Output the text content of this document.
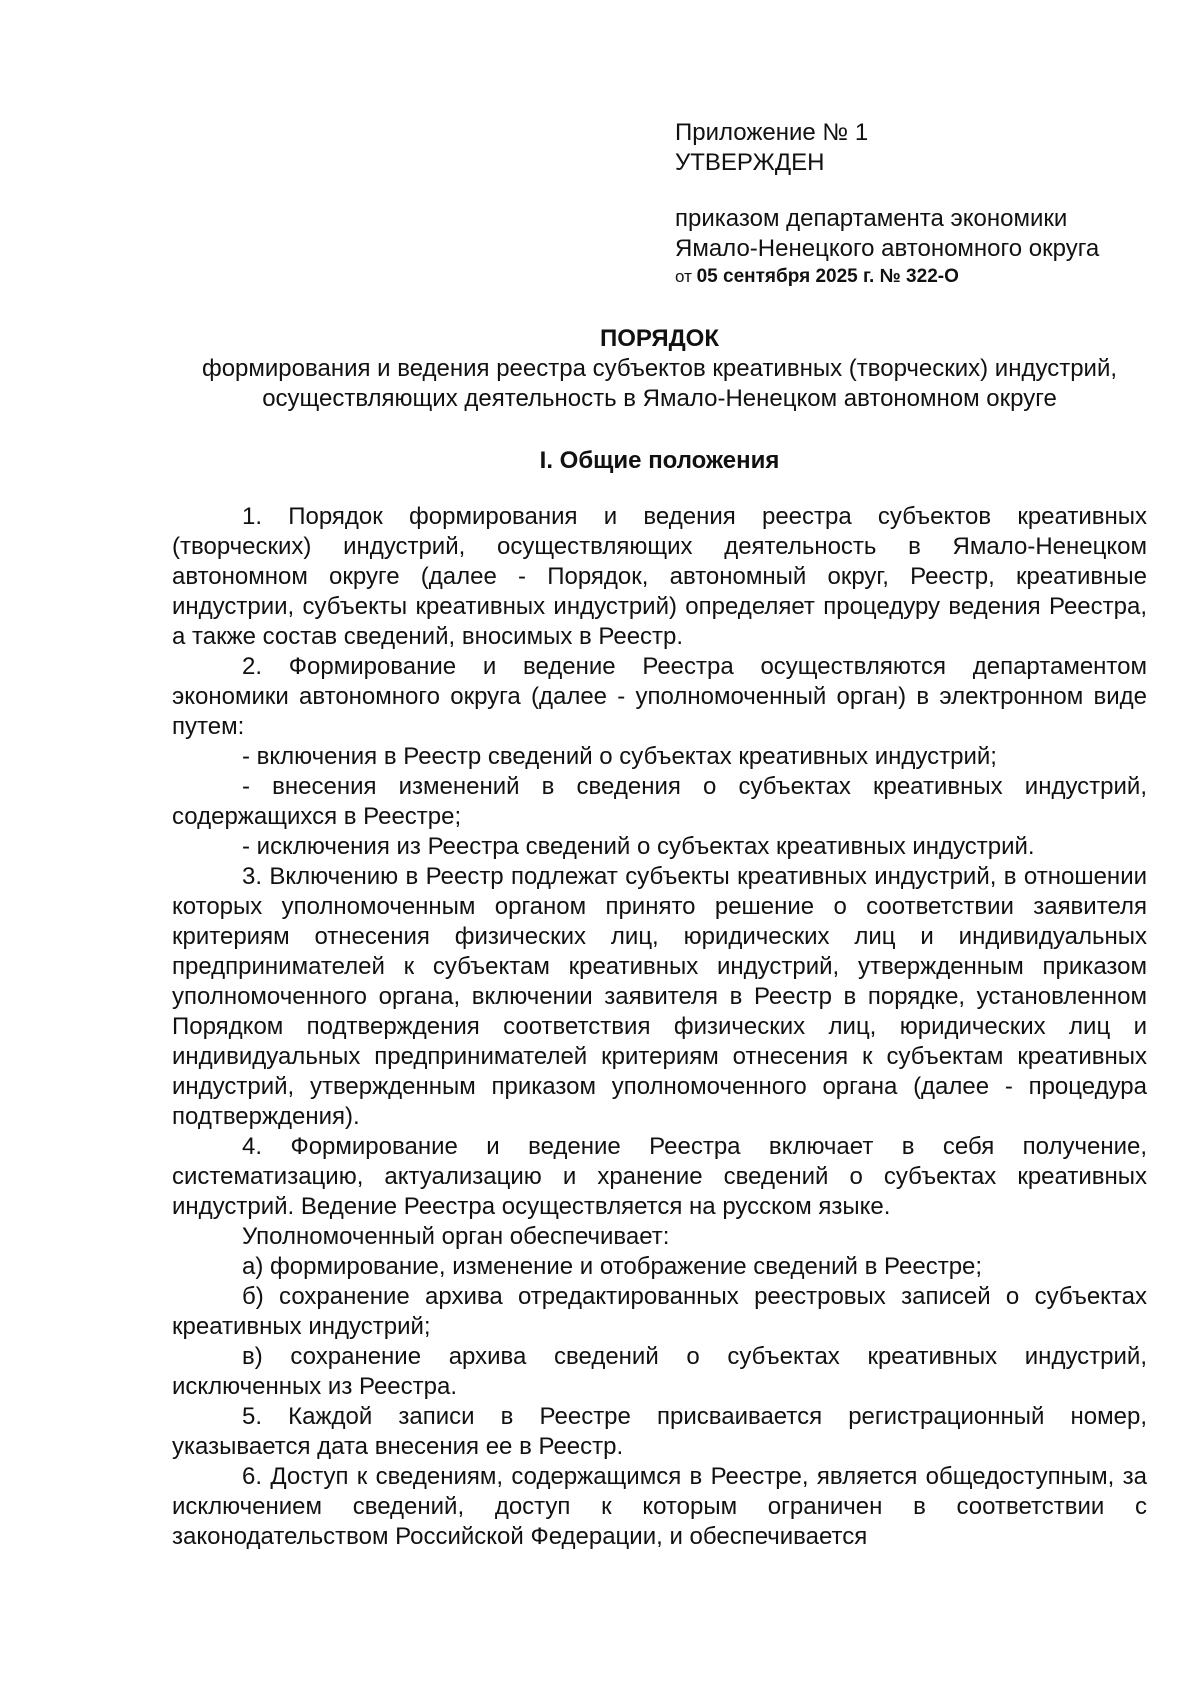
Приложение № 1
УТВЕРЖДЕН
приказом департамента экономики
Ямало-Ненецкого автономного округа
от 05 сентября 2025 г. № 322-О

ПОРЯДОК

формирования и ведения реестра субъектов креативных (творческих) индустрий, осуществляющих деятельность в Ямало-Ненецком автономном округе

I. Общие положения

1. Порядок формирования и ведения реестра субъектов креативных (творческих) индустрий, осуществляющих деятельность в Ямало-Ненецком автономном округе (далее - Порядок, автономный округ, Реестр, креативные индустрии, субъекты креативных индустрий) определяет процедуру ведения Реестра, а также состав сведений, вносимых в Реестр.

2. Формирование и ведение Реестра осуществляются департаментом экономики автономного округа (далее - уполномоченный орган) в электронном виде путем:

- включения в Реестр сведений о субъектах креативных индустрий;

- внесения изменений в сведения о субъектах креативных индустрий, содержащихся в Реестре;

- исключения из Реестра сведений о субъектах креативных индустрий.

3. Включению в Реестр подлежат субъекты креативных индустрий, в отношении которых уполномоченным органом принято решение о соответствии заявителя критериям отнесения физических лиц, юридических лиц и индивидуальных предпринимателей к субъектам креативных индустрий, утвержденным приказом уполномоченного органа, включении заявителя в Реестр в порядке, установленном Порядком подтверждения соответствия физических лиц, юридических лиц и индивидуальных предпринимателей критериям отнесения к субъектам креативных индустрий, утвержденным приказом уполномоченного органа (далее - процедура подтверждения).

4. Формирование и ведение Реестра включает в себя получение, систематизацию, актуализацию и хранение сведений о субъектах креативных индустрий. Ведение Реестра осуществляется на русском языке.

Уполномоченный орган обеспечивает:

а) формирование, изменение и отображение сведений в Реестре;

б) сохранение архива отредактированных реестровых записей о субъектах креативных индустрий;

в) сохранение архива сведений о субъектах креативных индустрий, исключенных из Реестра.

5. Каждой записи в Реестре присваивается регистрационный номер, указывается дата внесения ее в Реестр.

6. Доступ к сведениям, содержащимся в Реестре, является общедоступным, за исключением сведений, доступ к которым ограничен в соответствии с законодательством Российской Федерации, и обеспечивается
